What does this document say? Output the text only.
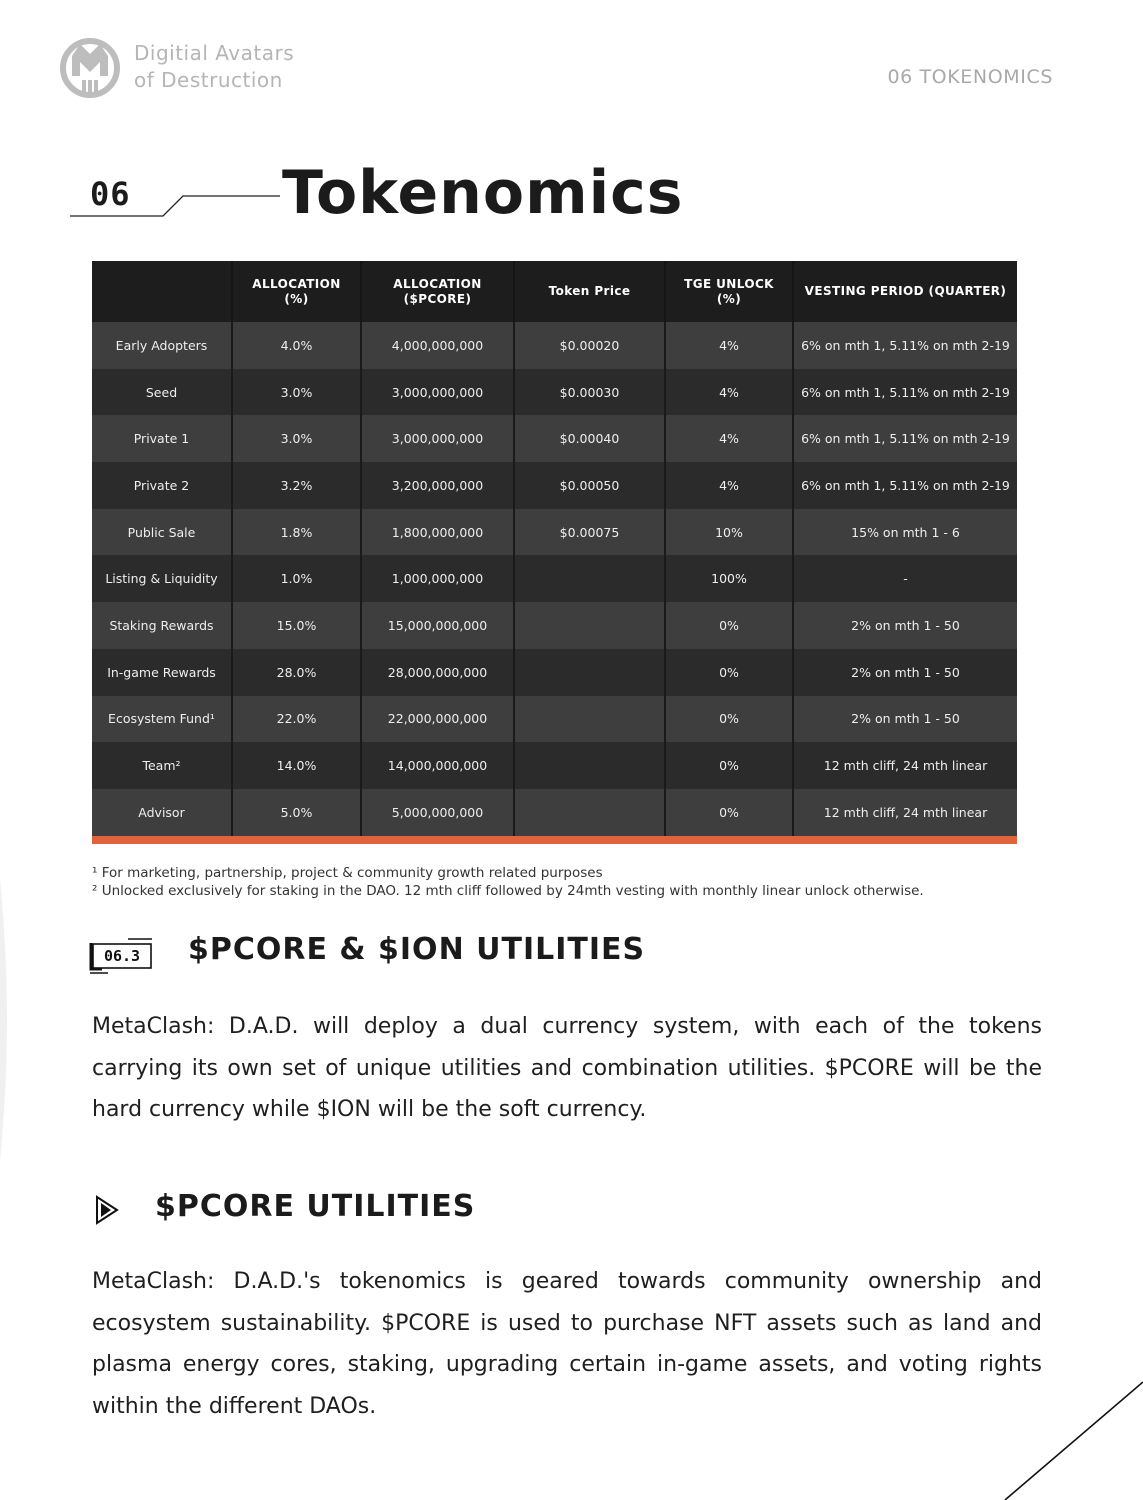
Digitial Avatars
of Destruction	06 TOKENOMICS
06	Tokenomics
	ALLOCATION (%)	ALLOCATION ($PCORE)	Token Price	TGE UNLOCK (%)	VESTING PERIOD (QUARTER)
Early Adopters	4.0%	4,000,000,000	$0.00020	4%	6% on mth 1, 5.11% on mth 2-19
Seed	3.0%	3,000,000,000	$0.00030	4%	6% on mth 1, 5.11% on mth 2-19
Private 1	3.0%	3,000,000,000	$0.00040	4%	6% on mth 1, 5.11% on mth 2-19
Private 2	3.2%	3,200,000,000	$0.00050	4%	6% on mth 1, 5.11% on mth 2-19
Public Sale	1.8%	1,800,000,000	$0.00075	10%	15% on mth 1 - 6
Listing & Liquidity	1.0%	1,000,000,000		100%	-
Staking Rewards	15.0%	15,000,000,000		0%	2% on mth 1 - 50
In-game Rewards	28.0%	28,000,000,000		0%	2% on mth 1 - 50
Ecosystem Fund¹	22.0%	22,000,000,000		0%	2% on mth 1 - 50
Team²	14.0%	14,000,000,000		0%	12 mth cliff, 24 mth linear
Advisor	5.0%	5,000,000,000		0%	12 mth cliff, 24 mth linear
¹ For marketing, partnership, project & community growth related purposes
² Unlocked exclusively for staking in the DAO. 12 mth cliff followed by 24mth vesting with monthly linear unlock otherwise.
06.3 $PCORE & $ION UTILITIES
MetaClash: D.A.D. will deploy a dual currency system, with each of the tokens carrying its own set of unique utilities and combination utilities. $PCORE will be the hard currency while $ION will be the soft currency.
$PCORE UTILITIES
MetaClash: D.A.D.'s tokenomics is geared towards community ownership and ecosystem sustainability. $PCORE is used to purchase NFT assets such as land and plasma energy cores, staking, upgrading certain in-game assets, and voting rights within the different DAOs.
